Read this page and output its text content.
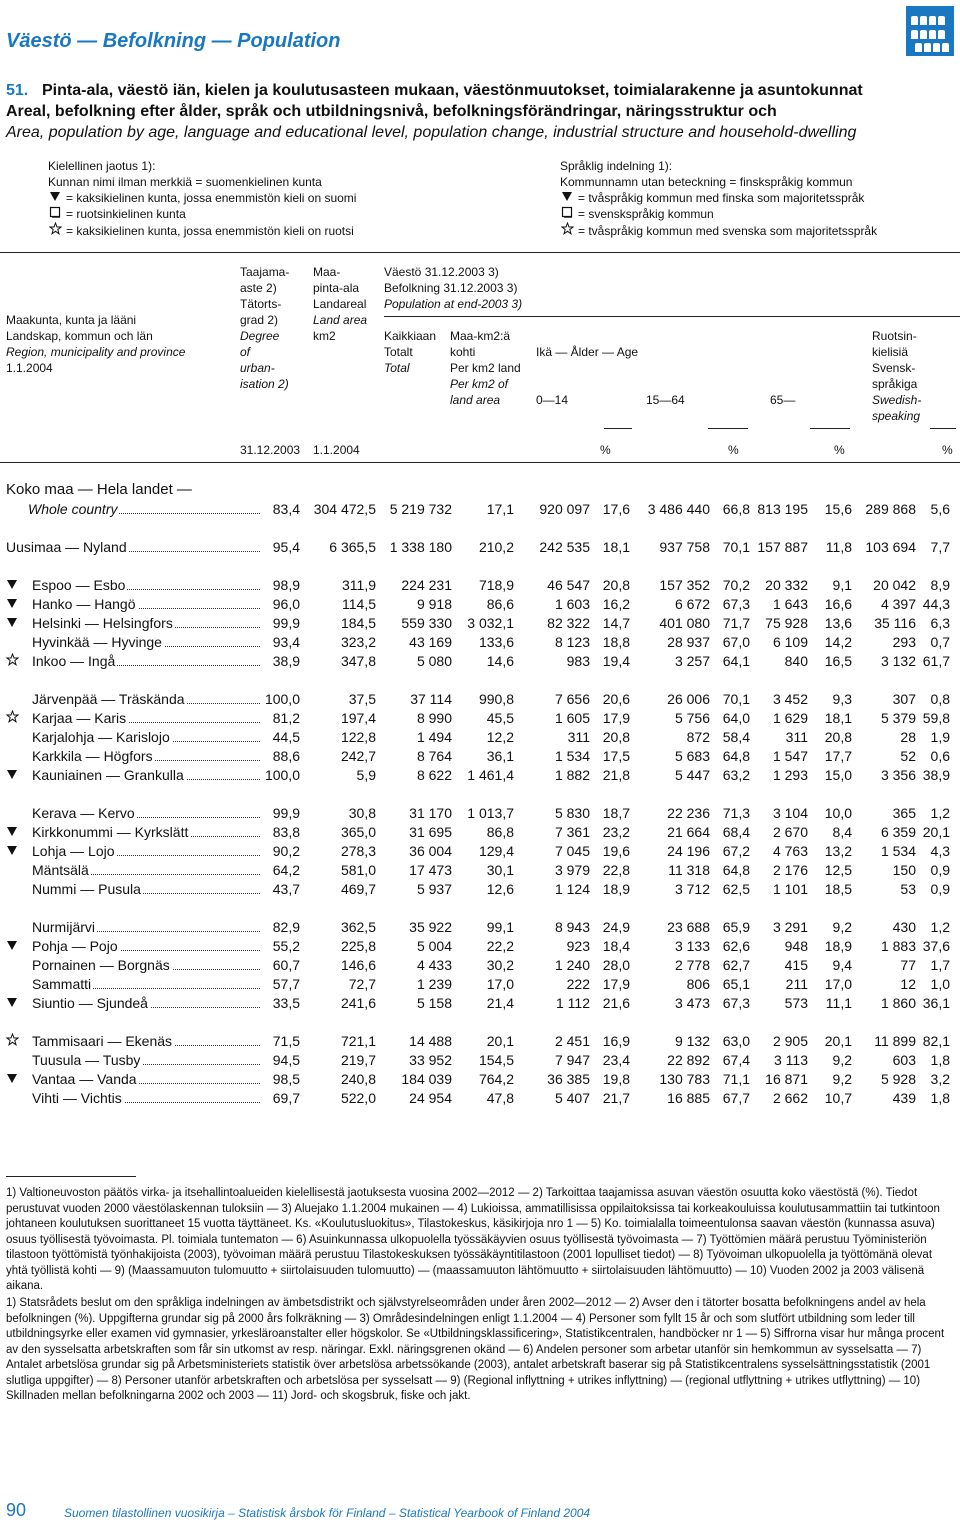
Väestö — Befolkning — Population
51. Pinta-ala, väestö iän, kielen ja koulutusasteen mukaan, väestönmuutokset, toimialarakenne ja asuntokunnat
Areal, befolkning efter ålder, språk och utbildningsnivå, befolkningsförändringar, näringsstruktur och
Area, population by age, language and educational level, population change, industrial structure and household-dwelling
Kielellinen jaotus 1):
Kunnan nimi ilman merkkiä = suomenkielinen kunta
= kaksikielinen kunta, jossa enemmistön kieli on suomi
= ruotsinkielinen kunta
= kaksikielinen kunta, jossa enemmistön kieli on ruotsi
Språklig indelning 1):
Kommunnamn utan beteckning = finskspråkig kommun
= tvåspråkig kommun med finska som majoritetsspråk
= svenskspråkig kommun
= tvåspråkig kommun med svenska som majoritetsspråk
Maakunta, kunta ja lääni
Landskap, kommun och län
Region, municipality and province
1.1.2004
Taajama-
aste 2)
Tätorts-
grad 2)
Degree
of
urban-
isation 2)
Maa-
pinta-ala
Landareal
Land area
km2
Väestö 31.12.2003 3)
Befolkning 31.12.2003 3)
Population at end-2003 3)
Kaikkiaan
Totalt
Total
Maa-km2:ä
kohti
Per km2 land
Per km2 of
land area
Ikä — Ålder — Age
0—14	15—64	65—
Ruotsin-
kielisiä
Svensk-
språkiga
Swedish-
speaking
31.12.2003 1.1.2004	%	%	%	%
Koko maa — Hela landet —												

Whole country	83,4	304 472,5	5 219 732	17,1	920 097	17,6	3 486 440	66,8	813 195	15,6	289 868	5,6

Uusimaa — Nyland	95,4	6 365,5	1 338 180	210,2	242 535	18,1	937 758	70,1	157 887	11,8	103 694	7,7

Espoo — Esbo	98,9	311,9	224 231	718,9	46 547	20,8	157 352	70,2	20 332	9,1	20 042	8,9

Hanko — Hangö	96,0	114,5	9 918	86,6	1 603	16,2	6 672	67,3	1 643	16,6	4 397	44,3

Helsinki — Helsingfors	99,9	184,5	559 330	3 032,1	82 322	14,7	401 080	71,7	75 928	13,6	35 116	6,3

Hyvinkää — Hyvinge	93,4	323,2	43 169	133,6	8 123	18,8	28 937	67,0	6 109	14,2	293	0,7

Inkoo — Ingå	38,9	347,8	5 080	14,6	983	19,4	3 257	64,1	840	16,5	3 132	61,7

Järvenpää — Träskända	100,0	37,5	37 114	990,8	7 656	20,6	26 006	70,1	3 452	9,3	307	0,8

Karjaa — Karis	81,2	197,4	8 990	45,5	1 605	17,9	5 756	64,0	1 629	18,1	5 379	59,8

Karjalohja — Karislojo	44,5	122,8	1 494	12,2	311	20,8	872	58,4	311	20,8	28	1,9

Karkkila — Högfors	88,6	242,7	8 764	36,1	1 534	17,5	5 683	64,8	1 547	17,7	52	0,6

Kauniainen — Grankulla	100,0	5,9	8 622	1 461,4	1 882	21,8	5 447	63,2	1 293	15,0	3 356	38,9

Kerava — Kervo	99,9	30,8	31 170	1 013,7	5 830	18,7	22 236	71,3	3 104	10,0	365	1,2

Kirkkonummi — Kyrkslätt	83,8	365,0	31 695	86,8	7 361	23,2	21 664	68,4	2 670	8,4	6 359	20,1

Lohja — Lojo	90,2	278,3	36 004	129,4	7 045	19,6	24 196	67,2	4 763	13,2	1 534	4,3

Mäntsälä	64,2	581,0	17 473	30,1	3 979	22,8	11 318	64,8	2 176	12,5	150	0,9

Nummi — Pusula	43,7	469,7	5 937	12,6	1 124	18,9	3 712	62,5	1 101	18,5	53	0,9

Nurmijärvi	82,9	362,5	35 922	99,1	8 943	24,9	23 688	65,9	3 291	9,2	430	1,2

Pohja — Pojo	55,2	225,8	5 004	22,2	923	18,4	3 133	62,6	948	18,9	1 883	37,6

Pornainen — Borgnäs	60,7	146,6	4 433	30,2	1 240	28,0	2 778	62,7	415	9,4	77	1,7

Sammatti	57,7	72,7	1 239	17,0	222	17,9	806	65,1	211	17,0	12	1,0

Siuntio — Sjundeå	33,5	241,6	5 158	21,4	1 112	21,6	3 473	67,3	573	11,1	1 860	36,1

Tammisaari — Ekenäs	71,5	721,1	14 488	20,1	2 451	16,9	9 132	63,0	2 905	20,1	11 899	82,1

Tuusula — Tusby	94,5	219,7	33 952	154,5	7 947	23,4	22 892	67,4	3 113	9,2	603	1,8

Vantaa — Vanda	98,5	240,8	184 039	764,2	36 385	19,8	130 783	71,1	16 871	9,2	5 928	3,2

Vihti — Vichtis	69,7	522,0	24 954	47,8	5 407	21,7	16 885	67,7	2 662	10,7	439	1,8
1) Valtioneuvoston päätös virka- ja itsehallintoalueiden kielellisestä jaotuksesta vuosina 2002—2012 — 2) Tarkoittaa taajamissa asuvan väestön osuutta koko väestöstä (%). Tiedot perustuvat vuoden 2000 väestölaskennan tuloksiin — 3) Aluejako 1.1.2004 mukainen — 4) Lukioissa, ammatillisissa oppilaitoksissa tai korkeakouluissa koulutusammattiin tai tutkintoon johtaneen koulutuksen suorittaneet 15 vuotta täyttäneet. Ks. «Koulutusluokitus», Tilastokeskus, käsikirjoja nro 1 — 5) Ko. toimialalla toimeentulonsa saavan väestön (kunnassa asuva) osuus työllisestä työvoimasta. Pl. toimiala tuntematon — 6) Asuinkunnassa ulkopuolella työssäkäyvien osuus työllisestä työvoimasta — 7) Työttömien määrä perustuu Työministeriön tilastoon työttömistä työnhakijoista (2003), työvoiman määrä perustuu Tilastokeskuksen työssäkäyntitilastoon (2001 lopulliset tiedot) — 8) Työvoiman ulkopuolella ja työttömänä olevat yhtä työllistä kohti — 9) (Maassamuuton tulomuutto + siirtolaisuuden tulomuutto) — (maassamuuton lähtömuutto + siirtolaisuuden lähtömuutto) — 10) Vuoden 2002 ja 2003 välisenä aikana.
1) Statsrådets beslut om den språkliga indelningen av ämbetsdistrikt och självstyrelseområden under åren 2002—2012 — 2) Avser den i tätorter bosatta befolkningens andel av hela befolkningen (%). Uppgifterna grundar sig på 2000 års folkräkning — 3) Områdesindelningen enligt 1.1.2004 — 4) Personer som fyllt 15 år och som slutfört utbildning som leder till utbildningsyrke eller examen vid gymnasier, yrkesläroanstalter eller högskolor. Se «Utbildningsklassificering», Statistikcentralen, handböcker nr 1 — 5) Siffrorna visar hur många procent av den sysselsatta arbetskraften som får sin utkomst av resp. näringar. Exkl. näringsgrenen okänd — 6) Andelen personer som arbetar utanför sin hemkommun av sysselsatta — 7) Antalet arbetslösa grundar sig på Arbetsministeriets statistik över arbetslösa arbetssökande (2003), antalet arbetskraft baserar sig på Statistikcentralens sysselsättningsstatistik (2001 slutliga uppgifter) — 8) Personer utanför arbetskraften och arbetslösa per sysselsatt — 9) (Regional inflyttning + utrikes inflyttning) — (regional utflyttning + utrikes utflyttning) — 10) Skillnaden mellan befolkningarna 2002 och 2003 — 11) Jord- och skogsbruk, fiske och jakt.
90	Suomen tilastollinen vuosikirja – Statistisk årsbok för Finland – Statistical Yearbook of Finland 2004
